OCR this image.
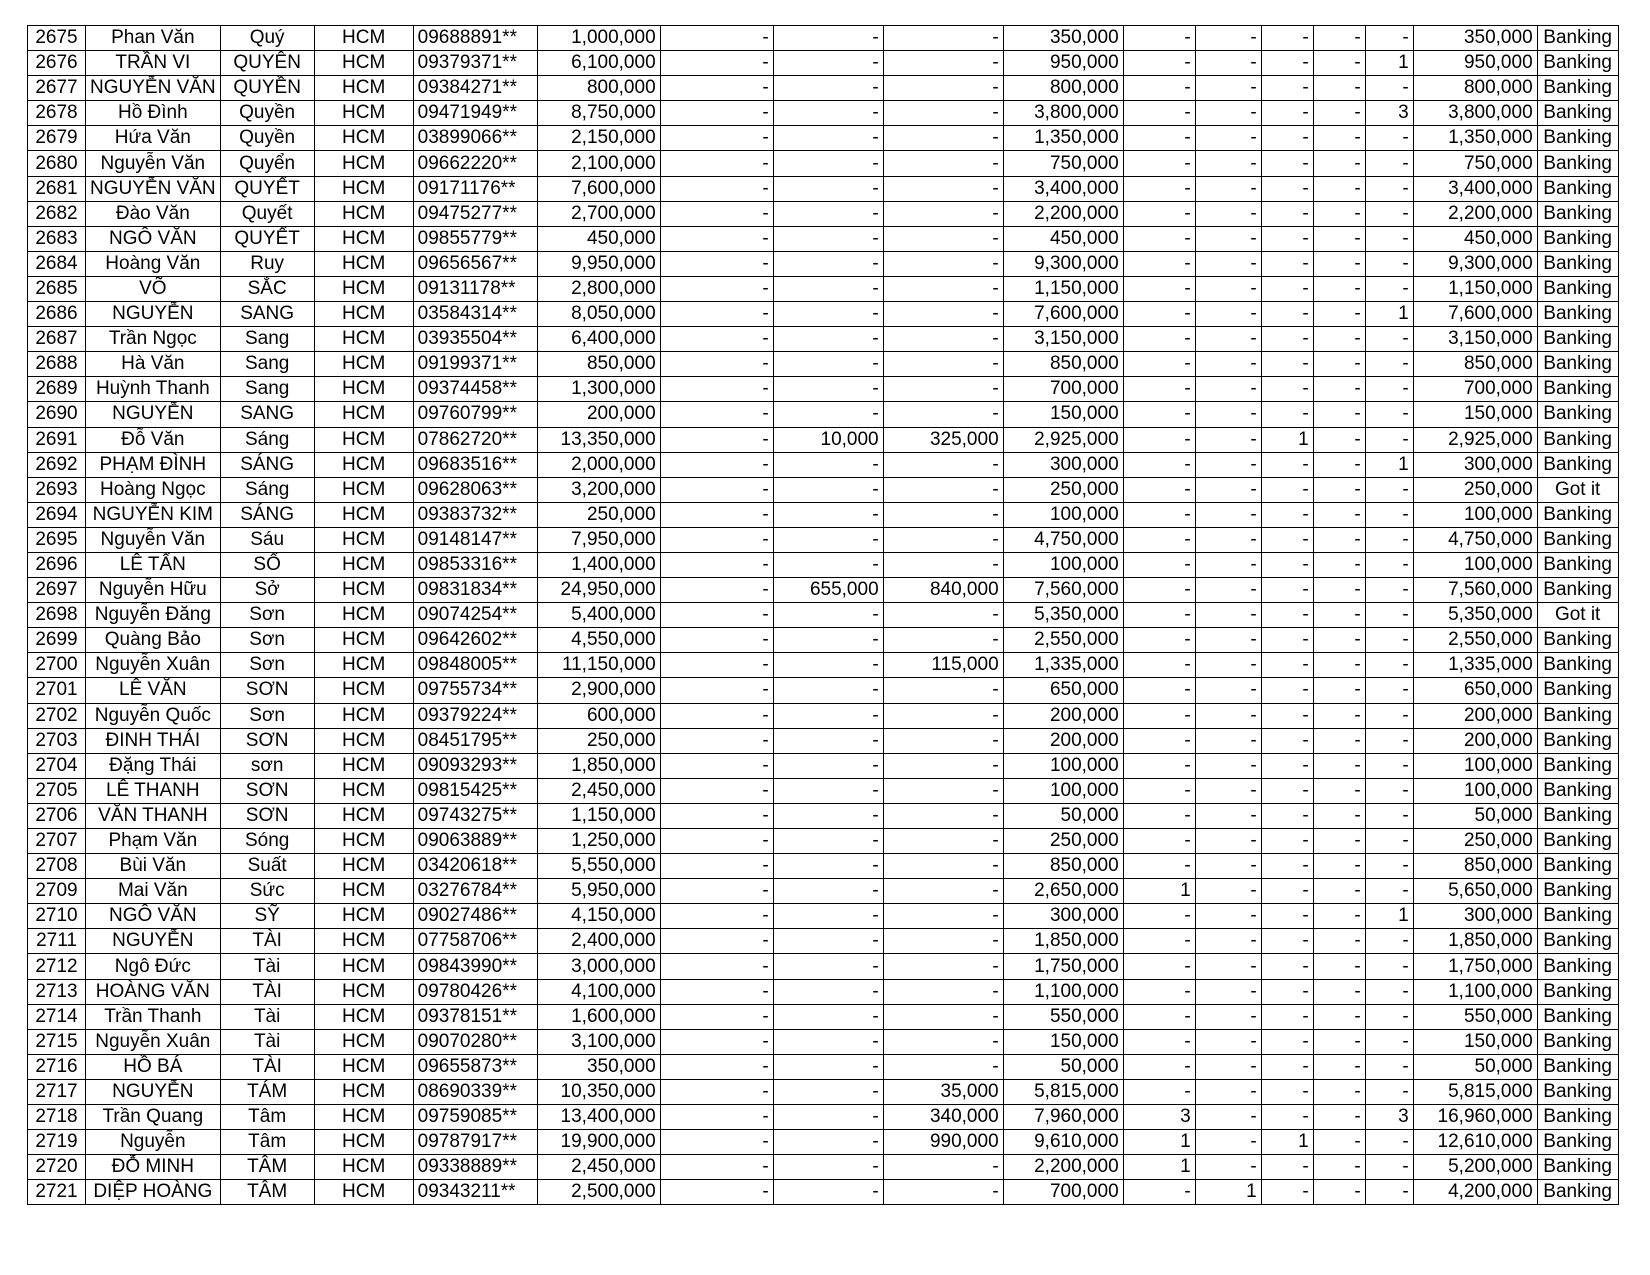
2675	Phan Văn	Quý	HCM	09688891**	1,000,000	-	-	-	350,000	-	-	-	-	-	350,000	Banking
2676	TRẦN VI	QUYÊN	HCM	09379371**	6,100,000	-	-	-	950,000	-	-	-	-	1	950,000	Banking
2677	NGUYỄN VĂN	QUYỀN	HCM	09384271**	800,000	-	-	-	800,000	-	-	-	-	-	800,000	Banking
2678	Hồ Đình	Quyền	HCM	09471949**	8,750,000	-	-	-	3,800,000	-	-	-	-	3	3,800,000	Banking
2679	Hứa Văn	Quyền	HCM	03899066**	2,150,000	-	-	-	1,350,000	-	-	-	-	-	1,350,000	Banking
2680	Nguyễn Văn	Quyển	HCM	09662220**	2,100,000	-	-	-	750,000	-	-	-	-	-	750,000	Banking
2681	NGUYỄN VĂN	QUYẾT	HCM	09171176**	7,600,000	-	-	-	3,400,000	-	-	-	-	-	3,400,000	Banking
2682	Đào Văn	Quyết	HCM	09475277**	2,700,000	-	-	-	2,200,000	-	-	-	-	-	2,200,000	Banking
2683	NGÔ VĂN	QUYẾT	HCM	09855779**	450,000	-	-	-	450,000	-	-	-	-	-	450,000	Banking
2684	Hoàng Văn	Ruy	HCM	09656567**	9,950,000	-	-	-	9,300,000	-	-	-	-	-	9,300,000	Banking
2685	VÕ	SẮC	HCM	09131178**	2,800,000	-	-	-	1,150,000	-	-	-	-	-	1,150,000	Banking
2686	NGUYỄN	SANG	HCM	03584314**	8,050,000	-	-	-	7,600,000	-	-	-	-	1	7,600,000	Banking
2687	Trần Ngọc	Sang	HCM	03935504**	6,400,000	-	-	-	3,150,000	-	-	-	-	-	3,150,000	Banking
2688	Hà Văn	Sang	HCM	09199371**	850,000	-	-	-	850,000	-	-	-	-	-	850,000	Banking
2689	Huỳnh Thanh	Sang	HCM	09374458**	1,300,000	-	-	-	700,000	-	-	-	-	-	700,000	Banking
2690	NGUYỄN	SANG	HCM	09760799**	200,000	-	-	-	150,000	-	-	-	-	-	150,000	Banking
2691	Đỗ Văn	Sáng	HCM	07862720**	13,350,000	-	10,000	325,000	2,925,000	-	-	1	-	-	2,925,000	Banking
2692	PHẠM ĐÌNH	SÁNG	HCM	09683516**	2,000,000	-	-	-	300,000	-	-	-	-	1	300,000	Banking
2693	Hoàng Ngọc	Sáng	HCM	09628063**	3,200,000	-	-	-	250,000	-	-	-	-	-	250,000	Got it
2694	NGUYỄN KIM	SÁNG	HCM	09383732**	250,000	-	-	-	100,000	-	-	-	-	-	100,000	Banking
2695	Nguyễn Văn	Sáu	HCM	09148147**	7,950,000	-	-	-	4,750,000	-	-	-	-	-	4,750,000	Banking
2696	LÊ TẤN	SỐ	HCM	09853316**	1,400,000	-	-	-	100,000	-	-	-	-	-	100,000	Banking
2697	Nguyễn Hữu	Sở	HCM	09831834**	24,950,000	-	655,000	840,000	7,560,000	-	-	-	-	-	7,560,000	Banking
2698	Nguyễn Đăng	Sơn	HCM	09074254**	5,400,000	-	-	-	5,350,000	-	-	-	-	-	5,350,000	Got it
2699	Quàng Bảo	Sơn	HCM	09642602**	4,550,000	-	-	-	2,550,000	-	-	-	-	-	2,550,000	Banking
2700	Nguyễn Xuân	Sơn	HCM	09848005**	11,150,000	-	-	115,000	1,335,000	-	-	-	-	-	1,335,000	Banking
2701	LÊ VĂN	SƠN	HCM	09755734**	2,900,000	-	-	-	650,000	-	-	-	-	-	650,000	Banking
2702	Nguyễn Quốc	Sơn	HCM	09379224**	600,000	-	-	-	200,000	-	-	-	-	-	200,000	Banking
2703	ĐINH THÁI	SƠN	HCM	08451795**	250,000	-	-	-	200,000	-	-	-	-	-	200,000	Banking
2704	Đặng Thái	sơn	HCM	09093293**	1,850,000	-	-	-	100,000	-	-	-	-	-	100,000	Banking
2705	LÊ THANH	SƠN	HCM	09815425**	2,450,000	-	-	-	100,000	-	-	-	-	-	100,000	Banking
2706	VĂN THANH	SƠN	HCM	09743275**	1,150,000	-	-	-	50,000	-	-	-	-	-	50,000	Banking
2707	Phạm Văn	Sóng	HCM	09063889**	1,250,000	-	-	-	250,000	-	-	-	-	-	250,000	Banking
2708	Bùi Văn	Suất	HCM	03420618**	5,550,000	-	-	-	850,000	-	-	-	-	-	850,000	Banking
2709	Mai Văn	Sức	HCM	03276784**	5,950,000	-	-	-	2,650,000	1	-	-	-	-	5,650,000	Banking
2710	NGÔ VĂN	SỸ	HCM	09027486**	4,150,000	-	-	-	300,000	-	-	-	-	1	300,000	Banking
2711	NGUYỄN	TÀI	HCM	07758706**	2,400,000	-	-	-	1,850,000	-	-	-	-	-	1,850,000	Banking
2712	Ngô Đức	Tài	HCM	09843990**	3,000,000	-	-	-	1,750,000	-	-	-	-	-	1,750,000	Banking
2713	HOÀNG VĂN	TÀI	HCM	09780426**	4,100,000	-	-	-	1,100,000	-	-	-	-	-	1,100,000	Banking
2714	Trần Thanh	Tài	HCM	09378151**	1,600,000	-	-	-	550,000	-	-	-	-	-	550,000	Banking
2715	Nguyễn Xuân	Tài	HCM	09070280**	3,100,000	-	-	-	150,000	-	-	-	-	-	150,000	Banking
2716	HỒ BÁ	TÀI	HCM	09655873**	350,000	-	-	-	50,000	-	-	-	-	-	50,000	Banking
2717	NGUYỄN	TÁM	HCM	08690339**	10,350,000	-	-	35,000	5,815,000	-	-	-	-	-	5,815,000	Banking
2718	Trần Quang	Tâm	HCM	09759085**	13,400,000	-	-	340,000	7,960,000	3	-	-	-	3	16,960,000	Banking
2719	Nguyễn	Tâm	HCM	09787917**	19,900,000	-	-	990,000	9,610,000	1	-	1	-	-	12,610,000	Banking
2720	ĐỖ MINH	TÂM	HCM	09338889**	2,450,000	-	-	-	2,200,000	1	-	-	-	-	5,200,000	Banking
2721	DIỆP HOÀNG	TÂM	HCM	09343211**	2,500,000	-	-	-	700,000	-	1	-	-	-	4,200,000	Banking
